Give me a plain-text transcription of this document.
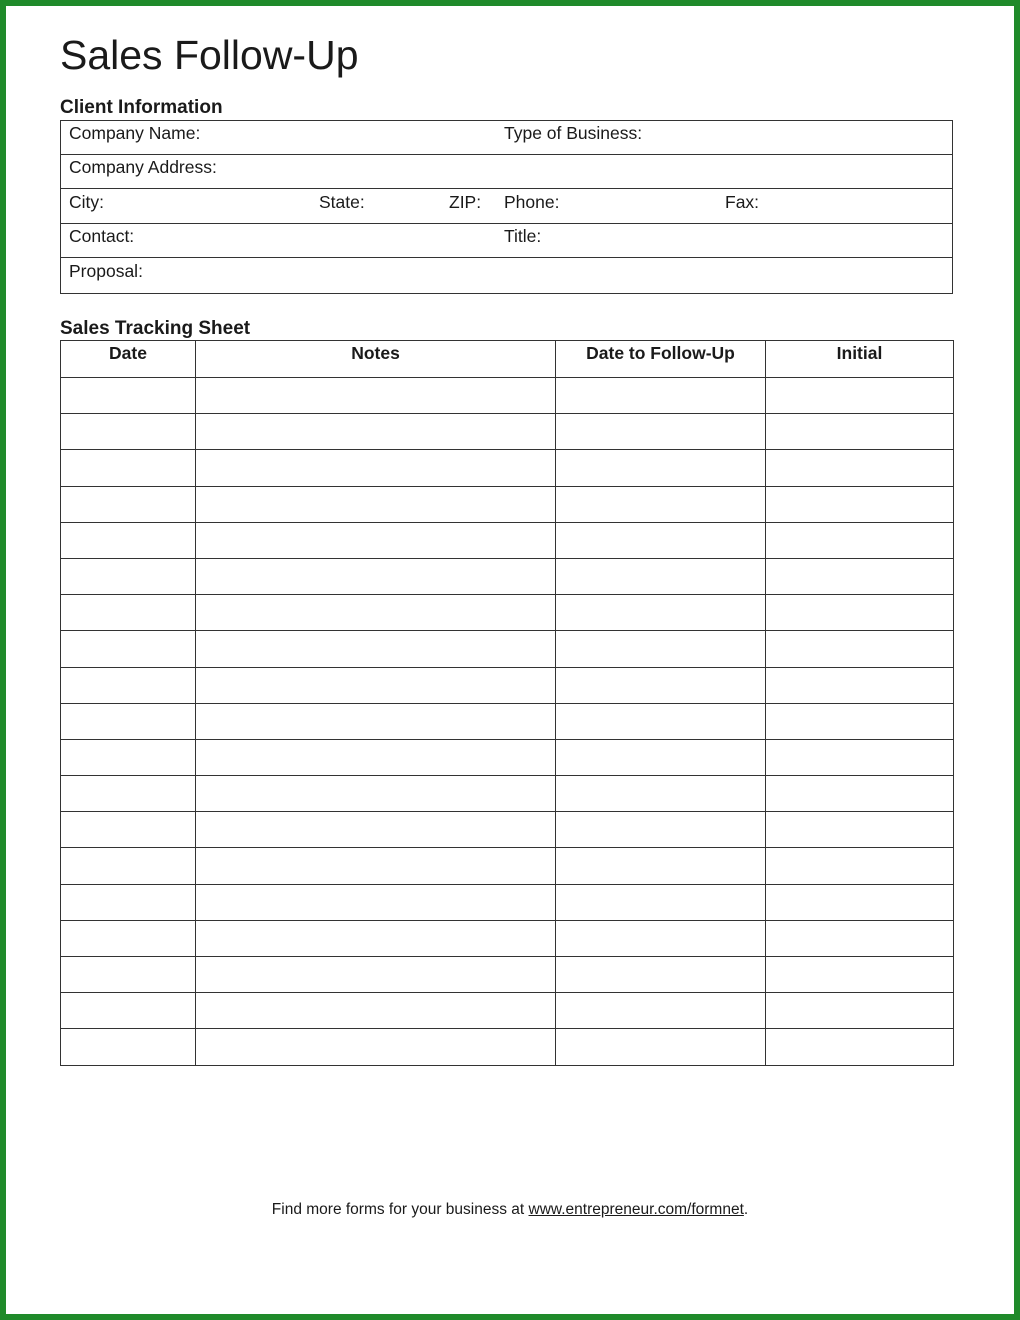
Sales Follow-Up
Client Information
Company Name:	Type of Business:
Company Address:
City:	State:	ZIP: Phone:	Fax:
Contact:	Title:
Proposal:
Sales Tracking Sheet
Date	Notes	Date to Follow-Up	Initial

Find more forms for your business at www.entrepreneur.com/formnet.
